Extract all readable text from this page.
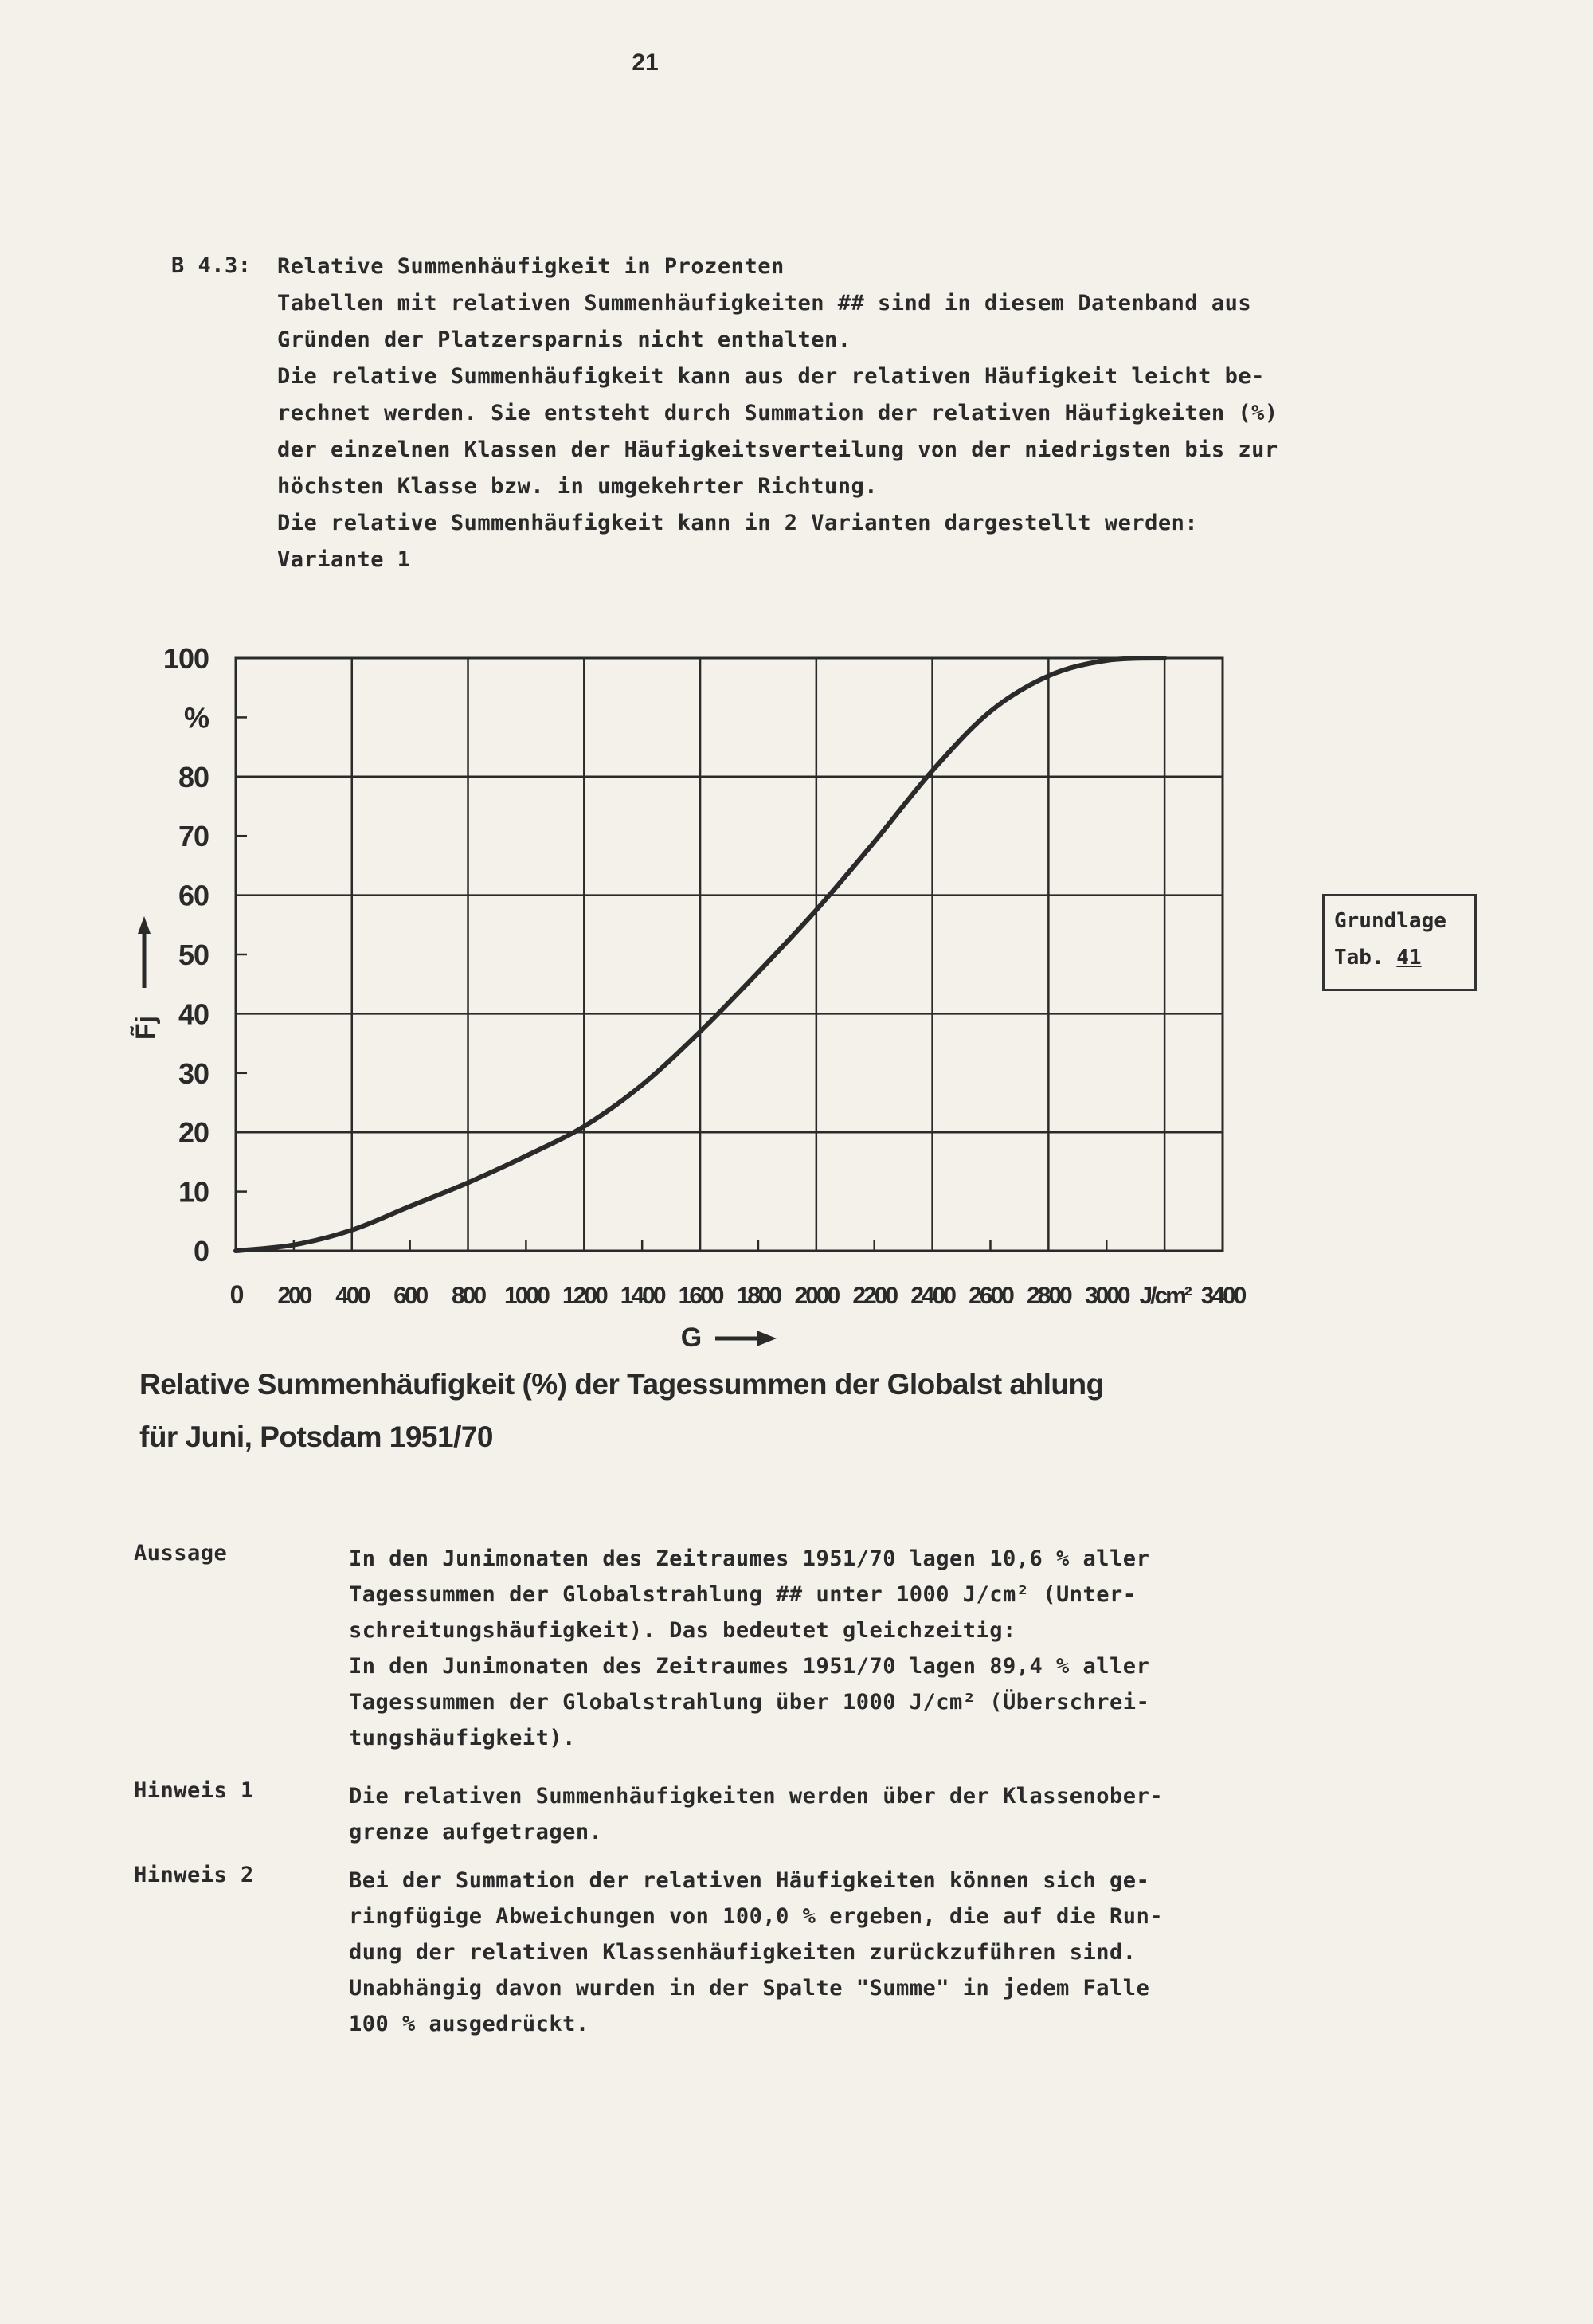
21
B 4.3: Relative Summenhäufigkeit in Prozenten
Tabellen mit relativen Summenhäufigkeiten ## sind in diesem Datenband aus
Gründen der Platzersparnis nicht enthalten.
Die relative Summenhäufigkeit kann aus der relativen Häufigkeit leicht be-
rechnet werden. Sie entsteht durch Summation der relativen Häufigkeiten (%)
der einzelnen Klassen der Häufigkeitsverteilung von der niedrigsten bis zur
höchsten Klasse bzw. in umgekehrter Richtung.
Die relative Summenhäufigkeit kann in 2 Varianten dargestellt werden:
Variante 1
0
10
20
30
40
50
60
70
80
%
100
0 200 400 600 800 1000 1200 1400 1600 1800 2000 2200 2400 2600 2800 3000 J/cm² 3400
F̃j
G
Grundlage
Tab. 41
Relative Summenhäufigkeit (%) der Tagessummen der Globalst ahlung
für Juni, Potsdam 1951/70
Aussage	In den Junimonaten des Zeitraumes 1951/70 lagen 10,6 % aller
Tagessummen der Globalstrahlung ## unter 1000 J/cm² (Unter-
schreitungshäufigkeit). Das bedeutet gleichzeitig:
In den Junimonaten des Zeitraumes 1951/70 lagen 89,4 % aller
Tagessummen der Globalstrahlung über 1000 J/cm² (Überschrei-
tungshäufigkeit).
Hinweis 1	Die relativen Summenhäufigkeiten werden über der Klassenober-
grenze aufgetragen.
Hinweis 2	Bei der Summation der relativen Häufigkeiten können sich ge-
ringfügige Abweichungen von 100,0 % ergeben, die auf die Run-
dung der relativen Klassenhäufigkeiten zurückzuführen sind.
Unabhängig davon wurden in der Spalte "Summe" in jedem Falle
100 % ausgedrückt.
